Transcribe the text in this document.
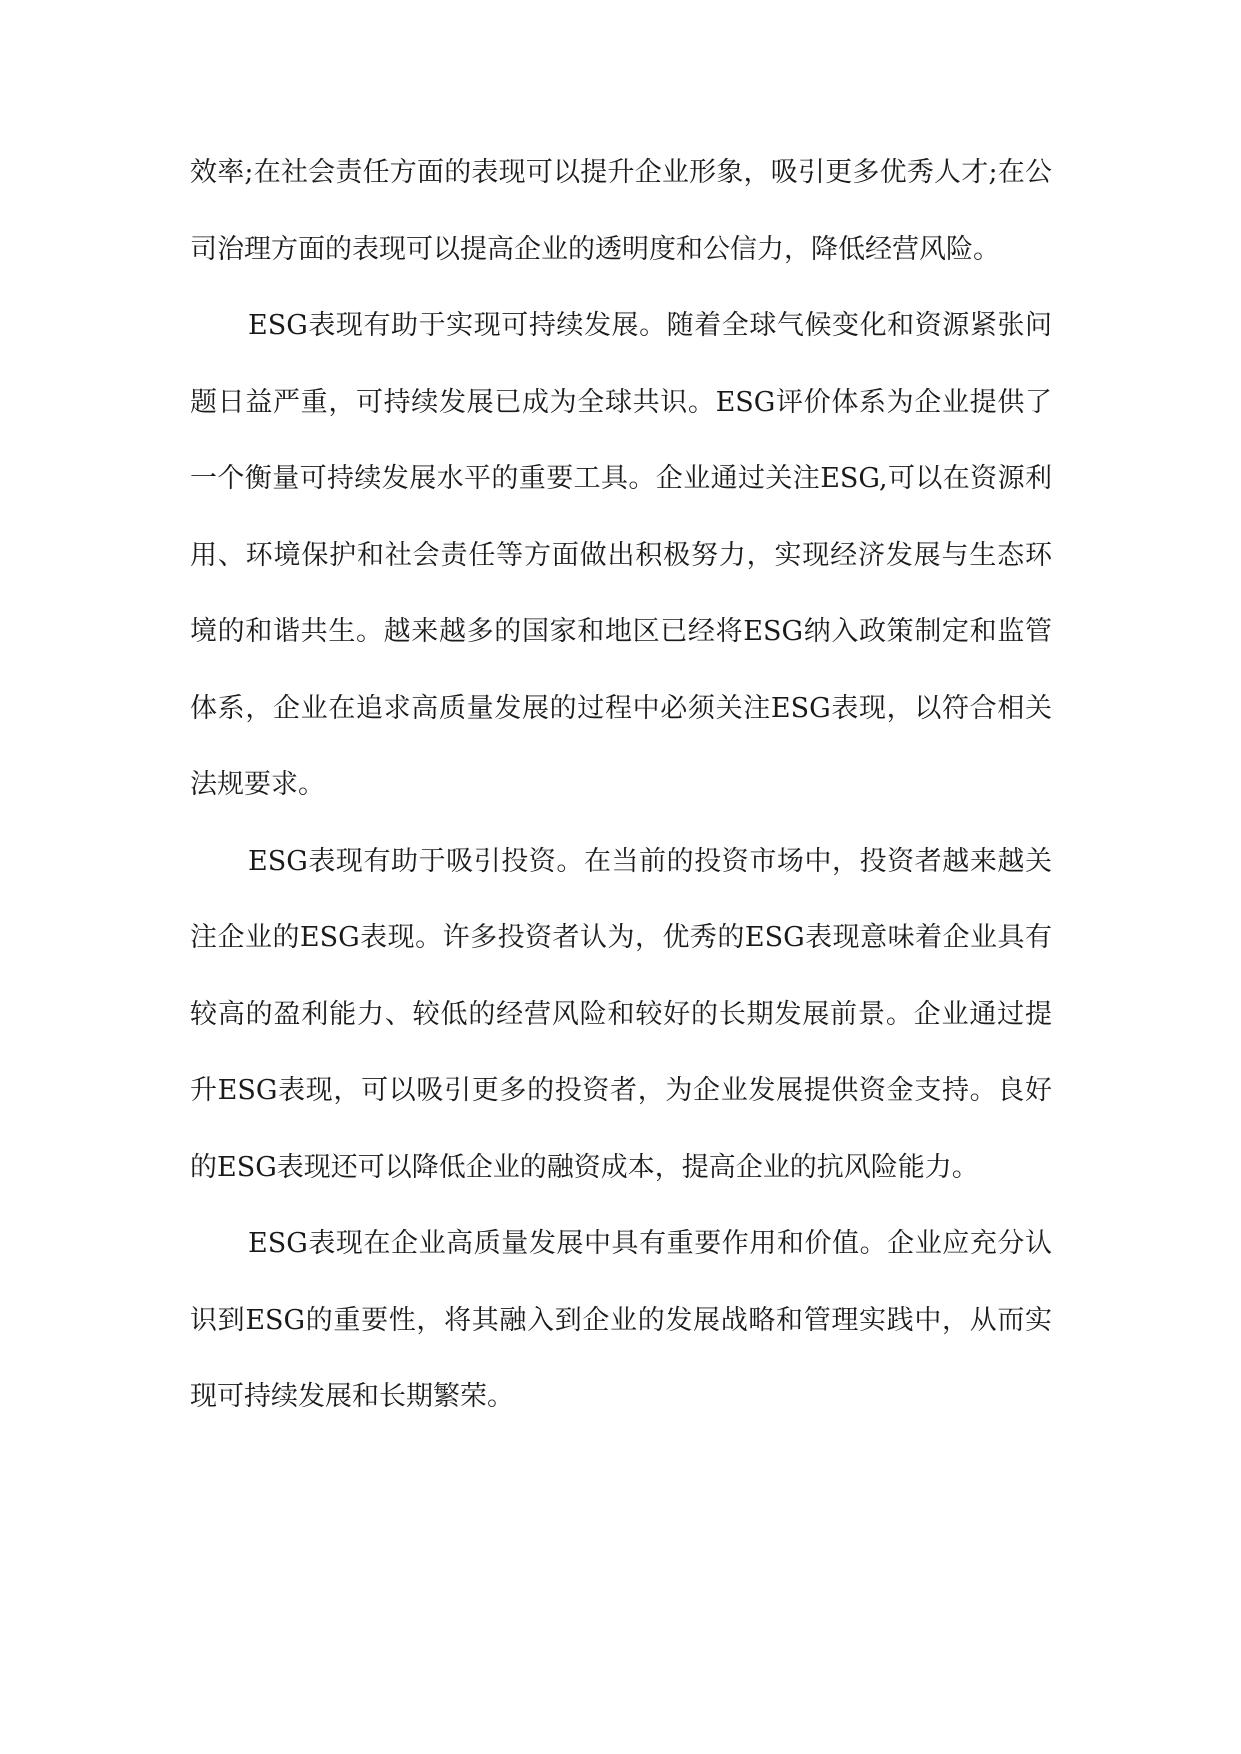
效率;在社会责任方面的表现可以提升企业形象，吸引更多优秀人才;在公司治理方面的表现可以提高企业的透明度和公信力，降低经营风险。

ESG表现有助于实现可持续发展。随着全球气候变化和资源紧张问题日益严重，可持续发展已成为全球共识。ESG评价体系为企业提供了一个衡量可持续发展水平的重要工具。企业通过关注ESG,可以在资源利用、环境保护和社会责任等方面做出积极努力，实现经济发展与生态环境的和谐共生。越来越多的国家和地区已经将ESG纳入政策制定和监管体系，企业在追求高质量发展的过程中必须关注ESG表现，以符合相关法规要求。

ESG表现有助于吸引投资。在当前的投资市场中，投资者越来越关注企业的ESG表现。许多投资者认为，优秀的ESG表现意味着企业具有较高的盈利能力、较低的经营风险和较好的长期发展前景。企业通过提升ESG表现，可以吸引更多的投资者，为企业发展提供资金支持。良好的ESG表现还可以降低企业的融资成本，提高企业的抗风险能力。

ESG表现在企业高质量发展中具有重要作用和价值。企业应充分认识到ESG的重要性，将其融入到企业的发展战略和管理实践中，从而实现可持续发展和长期繁荣。
